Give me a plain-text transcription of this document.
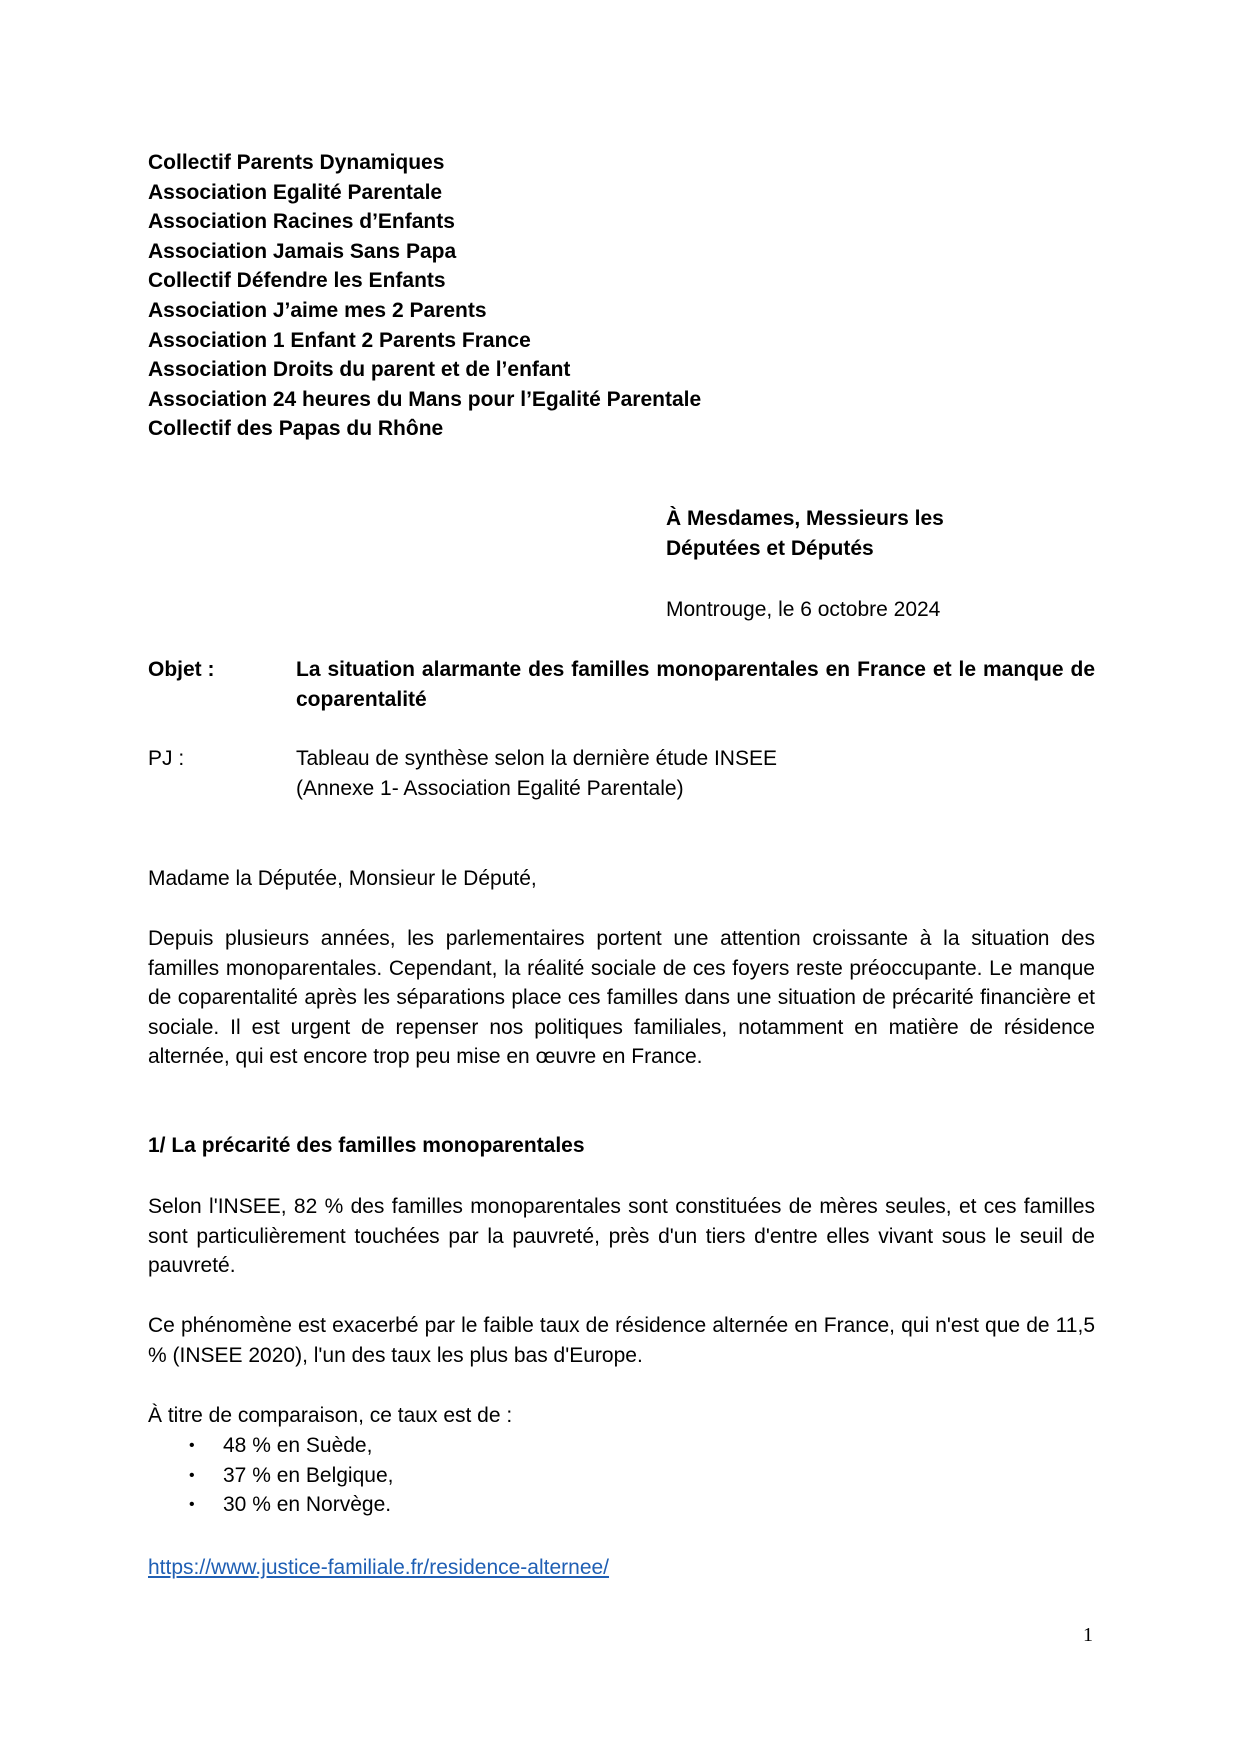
Collectif Parents Dynamiques
Association Egalité Parentale
Association Racines d’Enfants
Association Jamais Sans Papa
Collectif Défendre les Enfants
Association J’aime mes 2 Parents
Association 1 Enfant 2 Parents France
Association Droits du parent et de l’enfant
Association 24 heures du Mans pour l’Egalité Parentale
Collectif des Papas du Rhône
À Mesdames, Messieurs les
Députées et Députés
Montrouge, le 6 octobre 2024
Objet :	La situation alarmante des familles monoparentales en France et le manque de coparentalité
PJ :	Tableau de synthèse selon la dernière étude INSEE
(Annexe 1- Association Egalité Parentale)
Madame la Députée, Monsieur le Député,
Depuis plusieurs années, les parlementaires portent une attention croissante à la situation des familles monoparentales. Cependant, la réalité sociale de ces foyers reste préoccupante. Le manque de coparentalité après les séparations place ces familles dans une situation de précarité financière et sociale. Il est urgent de repenser nos politiques familiales, notamment en matière de résidence alternée, qui est encore trop peu mise en œuvre en France.
1/ La précarité des familles monoparentales
Selon l'INSEE, 82 % des familles monoparentales sont constituées de mères seules, et ces familles sont particulièrement touchées par la pauvreté, près d'un tiers d'entre elles vivant sous le seuil de pauvreté.
Ce phénomène est exacerbé par le faible taux de résidence alternée en France, qui n'est que de 11,5 % (INSEE 2020), l'un des taux les plus bas d'Europe.
À titre de comparaison, ce taux est de :
• 48 % en Suède,
• 37 % en Belgique,
• 30 % en Norvège.
https://www.justice-familiale.fr/residence-alternee/
1
